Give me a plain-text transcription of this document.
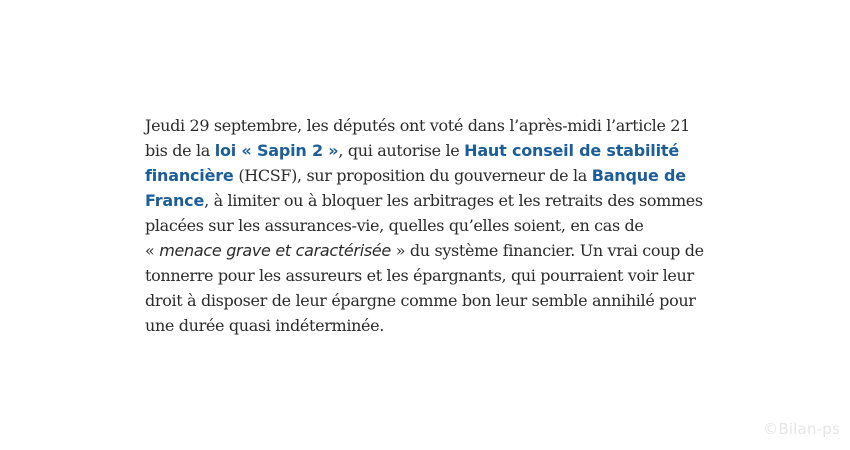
Jeudi 29 septembre, les députés ont voté dans l’après-midi l’article 21 bis de la loi « Sapin 2 », qui autorise le Haut conseil de stabilité financière (HCSF), sur proposition du gouverneur de la Banque de France, à limiter ou à bloquer les arbitrages et les retraits des sommes placées sur les assurances-vie, quelles qu’elles soient, en cas de « menace grave et caractérisée » du système financier. Un vrai coup de tonnerre pour les assureurs et les épargnants, qui pourraient voir leur droit à disposer de leur épargne comme bon leur semble annihilé pour une durée quasi indéterminée.

©Bilan-ps
